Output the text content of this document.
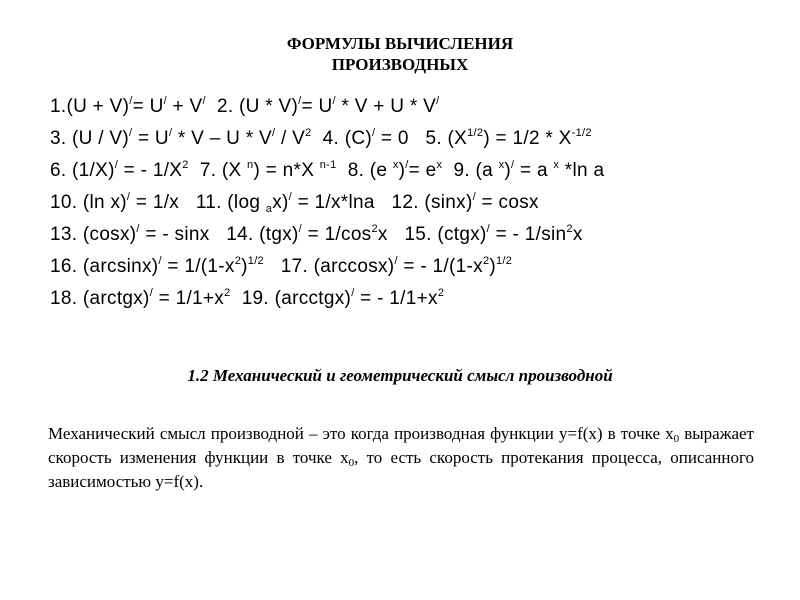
ФОРМУЛЫ ВЫЧИСЛЕНИЯ
ПРОИЗВОДНЫХ
1.(U + V)/= U/ + V/  2. (U * V)/= U/ * V + U * V/
3. $(U / V)^/ = U^/ * V - U * V^/ / V^2$  4. (C)/ = 0   5. $(X^{1/2}) = 1/2 * X^{-1/2}$
6. (1/X)/ = - $1/X^2$  7. (X $^n$) = n*X $^{n-1}$  8. (e $^x)^/= e^x$  9. (a $^x$)/ = a $^x$ *ln a
10. (ln x)/ = 1/x   11. (log $_a$x)/ = 1/x*lna   12. (sinx)/ = cosx
13. (cosx)/ = - sinx   14. $(tgx)^/ = 1/\cos^2x$   15. (ctgx)/ = - $1/\sin^2x$
16. $(\arcsin x)^/ = 1/(1-x^2)^{1/2}$   17. (arccosx)/ = - $1/(1-x^2)^{1/2}$
18. (arctgx)/ = $1/1+x^2$  19. (arcctgx)/ = - $1/1+x^2$
1.2 Механический и геометрический смысл производной
Механический смысл производной – это когда производная функции y=f(x) в точке $x_0$ выражает скорость изменения функции в точке $x_0$, то есть скорость протекания процесса, описанного зависимостью y=f(x).
